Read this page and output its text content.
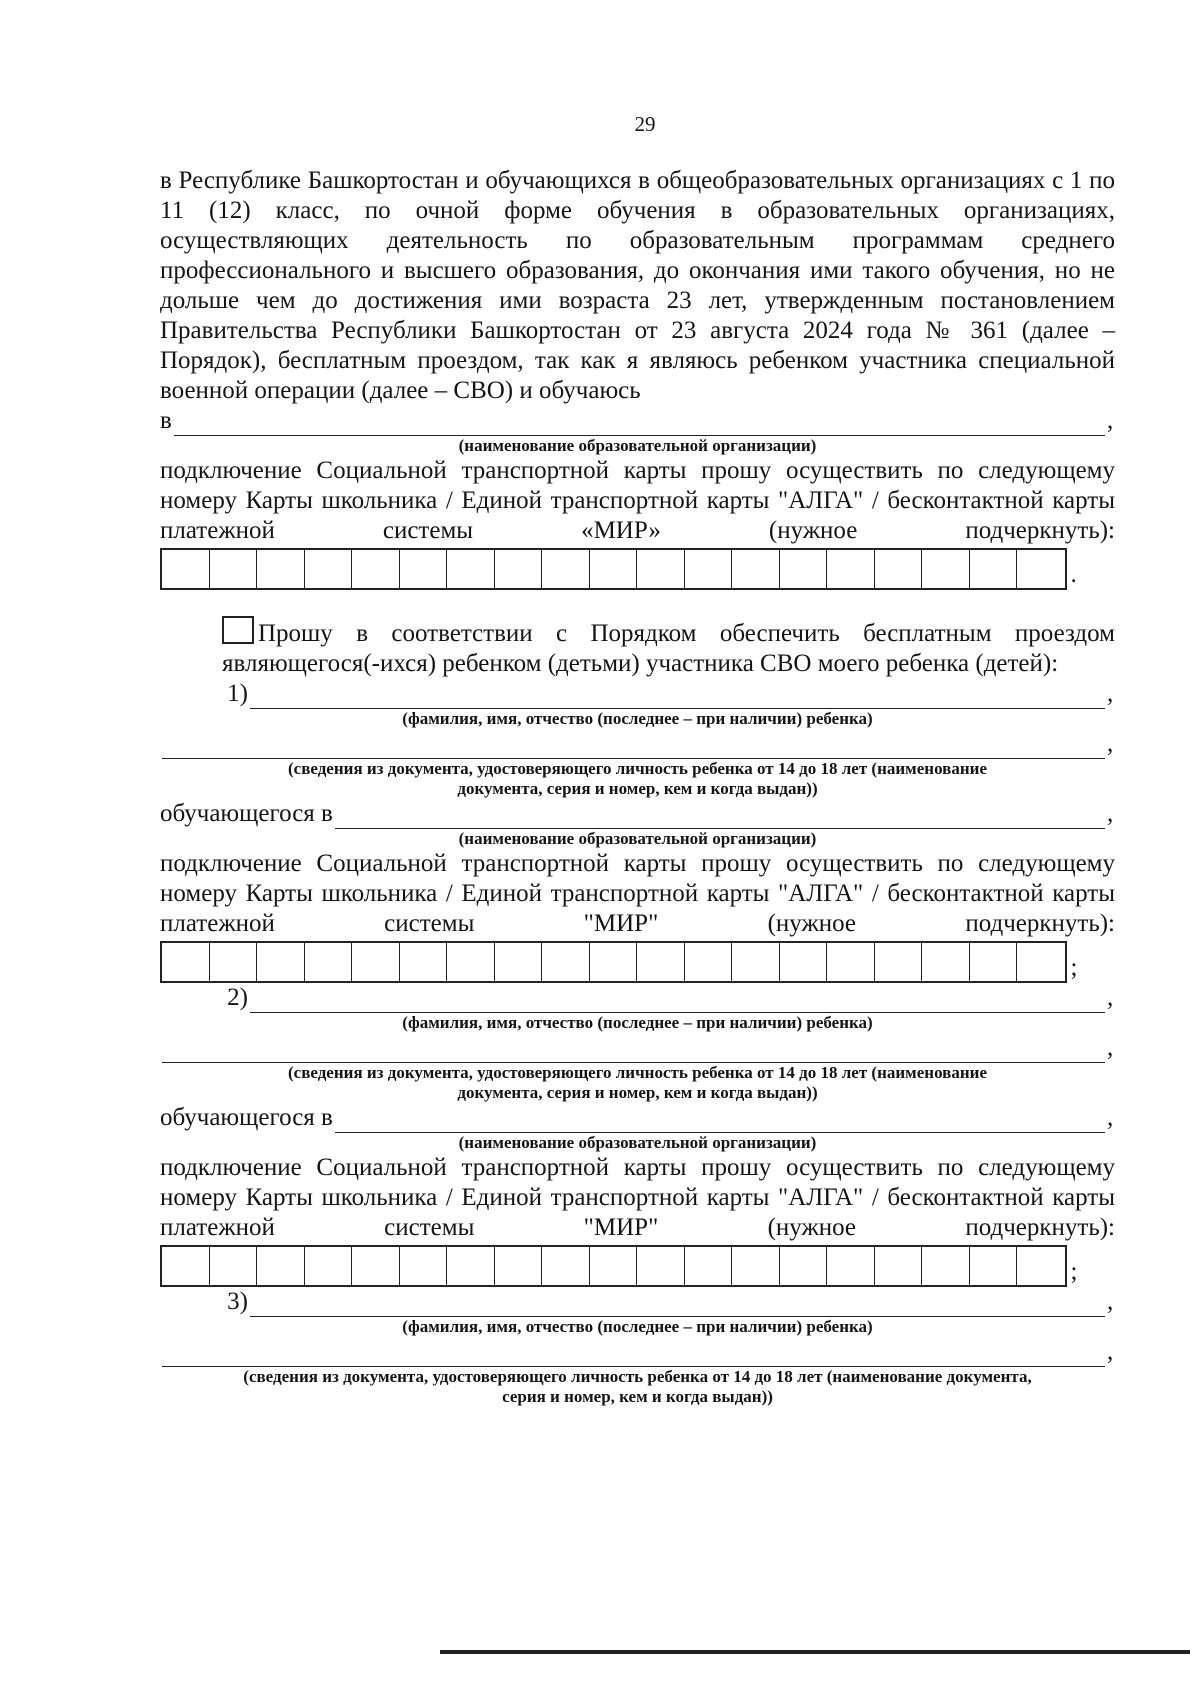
29
в Республике Башкортостан и обучающихся в общеобразовательных организациях с 1 по 11 (12) класс, по очной форме обучения в образовательных организациях, осуществляющих деятельность по образовательным программам среднего профессионального и высшего образования, до окончания ими такого обучения, но не дольше чем до достижения ими возраста 23 лет, утвержденным постановлением Правительства Республики Башкортостан от 23 августа 2024 года № 361 (далее – Порядок), бесплатным проездом, так как я являюсь ребенком участника специальной военной операции (далее – СВО) и обучаюсь
в	,
(наименование образовательной организации)
подключение Социальной транспортной карты прошу осуществить по следующему номеру Карты школьника / Единой транспортной карты "АЛГА" / бесконтактной карты платежной системы «МИР» (нужное подчеркнуть):
.
Прошу в соответствии с Порядком обеспечить бесплатным проездом являющегося(-ихся) ребенком (детьми) участника СВО моего ребенка (детей):
1)	,
(фамилия, имя, отчество (последнее – при наличии) ребенка)
,
(сведения из документа, удостоверяющего личность ребенка от 14 до 18 лет (наименование
документа, серия и номер, кем и когда выдан))
обучающегося в	,
(наименование образовательной организации)
подключение Социальной транспортной карты прошу осуществить по следующему номеру Карты школьника / Единой транспортной карты "АЛГА" / бесконтактной карты платежной системы "МИР" (нужное подчеркнуть):
;
2)	,
(фамилия, имя, отчество (последнее – при наличии) ребенка)
,
(сведения из документа, удостоверяющего личность ребенка от 14 до 18 лет (наименование
документа, серия и номер, кем и когда выдан))
обучающегося в	,
(наименование образовательной организации)
подключение Социальной транспортной карты прошу осуществить по следующему номеру Карты школьника / Единой транспортной карты "АЛГА" / бесконтактной карты платежной системы "МИР" (нужное подчеркнуть):
;
3)	,
(фамилия, имя, отчество (последнее – при наличии) ребенка)
,
(сведения из документа, удостоверяющего личность ребенка от 14 до 18 лет (наименование документа,
серия и номер, кем и когда выдан))
